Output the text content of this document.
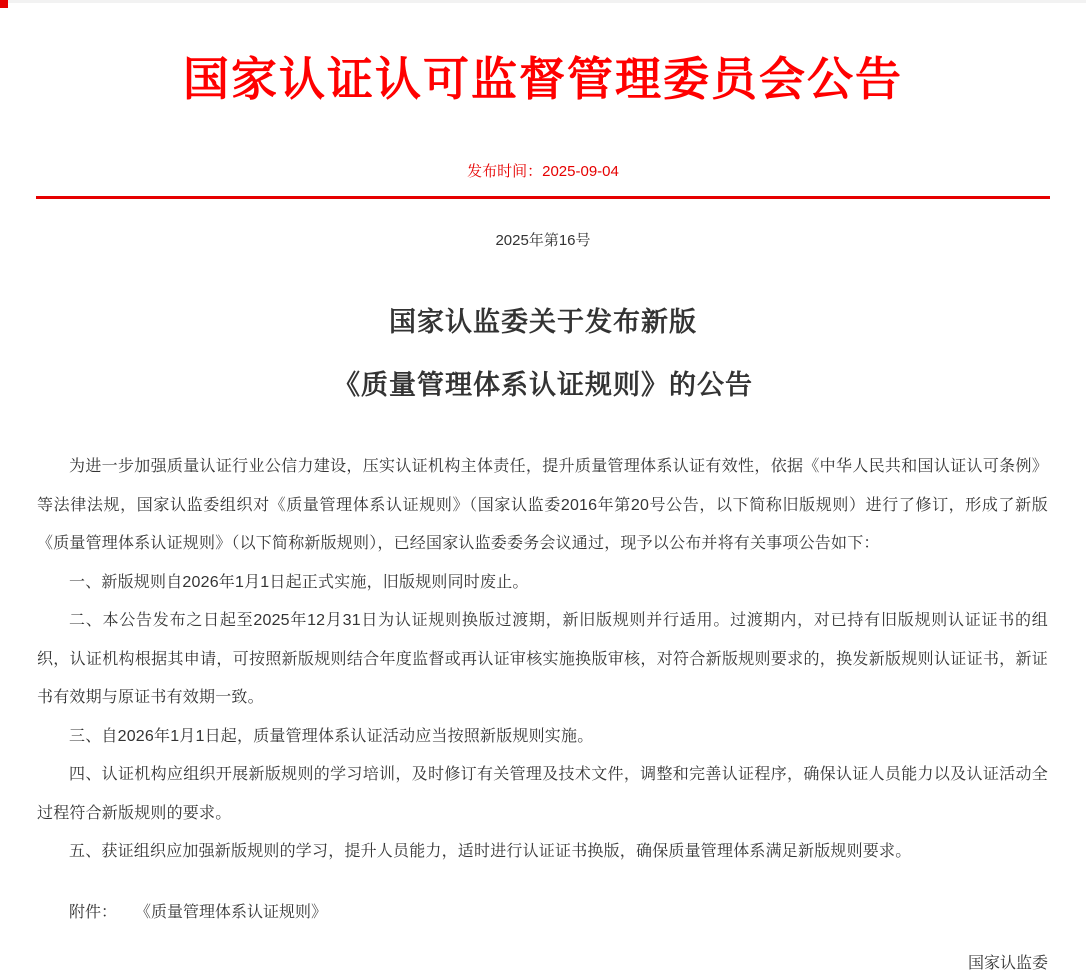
国家认证认可监督管理委员会公告
发布时间：2025-09-04
2025年第16号
国家认监委关于发布新版
《质量管理体系认证规则》的公告

为进一步加强质量认证行业公信力建设，压实认证机构主体责任，提升质量管理体系认证有效性，依据《中华人民共和国认证认可条例》等法律法规，国家认监委组织对《质量管理体系认证规则》（国家认监委2016年第20号公告，以下简称旧版规则）进行了修订，形成了新版《质量管理体系认证规则》（以下简称新版规则），已经国家认监委委务会议通过，现予以公布并将有关事项公告如下：

一、新版规则自2026年1月1日起正式实施，旧版规则同时废止。

二、本公告发布之日起至2025年12月31日为认证规则换版过渡期，新旧版规则并行适用。过渡期内，对已持有旧版规则认证证书的组织，认证机构根据其申请，可按照新版规则结合年度监督或再认证审核实施换版审核，对符合新版规则要求的，换发新版规则认证证书，新证书有效期与原证书有效期一致。

三、自2026年1月1日起，质量管理体系认证活动应当按照新版规则实施。

四、认证机构应组织开展新版规则的学习培训，及时修订有关管理及技术文件，调整和完善认证程序，确保认证人员能力以及认证活动全过程符合新版规则的要求。

五、获证组织应加强新版规则的学习，提升人员能力，适时进行认证证书换版，确保质量管理体系满足新版规则要求。

附件： 《质量管理体系认证规则》
国家认监委
